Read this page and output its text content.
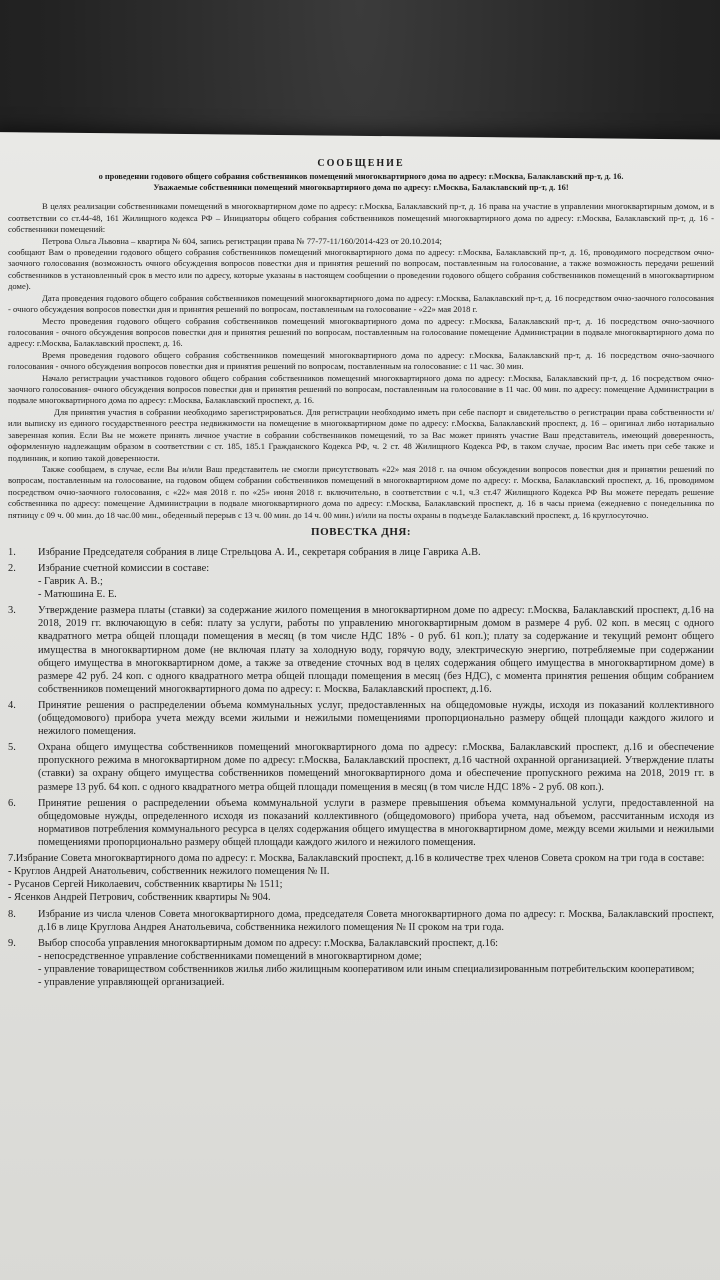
СООБЩЕНИЕ
о проведении годового общего собрания собственников помещений многоквартирного дома по адресу: г.Москва, Балаклавский пр-т, д. 16.
Уважаемые собственники помещений многоквартирного дома по адресу: г.Москва, Балаклавский пр-т, д. 16!

В целях реализации собственниками помещений в многоквартирном доме по адресу: г.Москва, Балаклавский пр-т, д. 16 права на участие в управлении многоквартирным домом, и в соответствии со ст.44-48, 161 Жилищного кодекса РФ – Инициаторы общего собрания собственников помещений многоквартирного дома по адресу: г.Москва, Балаклавский пр-т, д. 16 - собственники помещений:

Петрова Ольга Львовна – квартира № 604, запись регистрации права № 77-77-11/160/2014-423 от 20.10.2014;

сообщают Вам о проведении годового общего собрания собственников помещений многоквартирного дома по адресу: г.Москва, Балаклавский пр-т, д. 16, проводимого посредством очно-заочного голосования (возможность очного обсуждения вопросов повестки дня и принятия решений по вопросам, поставленным на голосование, а также возможность передачи решений собственников в установленный срок в место или по адресу, которые указаны в настоящем сообщении о проведении годового общего собрания собственников помещений в многоквартирном доме).

Дата проведения годового общего собрания собственников помещений многоквартирного дома по адресу: г.Москва, Балаклавский пр-т, д. 16 посредством очно-заочного голосования - очного обсуждения вопросов повестки дня и принятия решений по вопросам, поставленным на голосование - «22» мая 2018 г.

Место проведения годового общего собрания собственников помещений многоквартирного дома по адресу: г.Москва, Балаклавский пр-т, д. 16 посредством очно-заочного голосования - очного обсуждения вопросов повестки дня и принятия решений по вопросам, поставленным на голосование помещение Администрации в подвале многоквартирного дома по адресу: г.Москва, Балаклавский проспект, д. 16.

Время проведения годового общего собрания собственников помещений многоквартирного дома по адресу: г.Москва, Балаклавский пр-т, д. 16 посредством очно-заочного голосования - очного обсуждения вопросов повестки дня и принятия решений по вопросам, поставленным на голосование: с 11 час. 30 мин.

Начало регистрации участников годового общего собрания собственников помещений многоквартирного дома по адресу: г.Москва, Балаклавский пр-т, д. 16 посредством очно-заочного голосования- очного обсуждения вопросов повестки дня и принятия решений по вопросам, поставленным на голосование в 11 час. 00 мин. по адресу: помещение Администрации в подвале многоквартирного дома по адресу: г.Москва, Балаклавский проспект, д. 16.

Для принятия участия в собрании необходимо зарегистрироваться. Для регистрации необходимо иметь при себе паспорт и свидетельство о регистрации права собственности и/или выписку из единого государственного реестра недвижимости на помещение в многоквартирном доме по адресу: г.Москва, Балаклавский проспект, д. 16 – оригинал либо нотариально заверенная копия. Если Вы не можете принять личное участие в собрании собственников помещений, то за Вас может принять участие Ваш представитель, имеющий доверенность, оформленную надлежащим образом в соответствии с ст. 185, 185.1 Гражданского Кодекса РФ, ч. 2 ст. 48 Жилищного Кодекса РФ, в таком случае, просим Вас иметь при себе также и подлинник, и копию такой доверенности.

Также сообщаем, в случае, если Вы и/или Ваш представитель не смогли присутствовать «22» мая 2018 г. на очном обсуждении вопросов повестки дня и принятии решений по вопросам, поставленным на голосование, на годовом общем собрании собственников помещений в многоквартирном доме по адресу: г. Москва, Балаклавский проспект, д. 16, проводимом посредством очно-заочного голосования, с «22» мая 2018 г. по «25» июня 2018 г. включительно, в соответствии с ч.1, ч.3 ст.47 Жилищного Кодекса РФ Вы можете передать решение собственника по адресу: помещение Администрации в подвале многоквартирного дома по адресу: г.Москва, Балаклавский проспект, д. 16 в часы приема (ежедневно с понедельника по пятницу с 09 ч. 00 мин. до 18 час.00 мин., обеденный перерыв с 13 ч. 00 мин. до 14 ч. 00 мин.) и/или на посты охраны в подъезде Балаклавский проспект, д. 16 круглосуточно.

ПОВЕСТКА ДНЯ:
1.	Избрание Председателя собрания в лице Стрельцова А. И., секретаря собрания в лице Гаврика А.В.
2.	Избрание счетной комиссии в составе:
- Гаврик А. В.;
- Матюшина Е. Е.
3.	Утверждение размера платы (ставки) за содержание жилого помещения в многоквартирном доме по адресу: г.Москва, Балаклавский проспект, д.16 на 2018, 2019 гг. включающую в себя: плату за услуги, работы по управлению многоквартирным домом в размере 4 руб. 02 коп. в месяц с одного квадратного метра общей площади помещения в месяц (в том числе НДС 18% - 0 руб. 61 коп.); плату за содержание и текущий ремонт общего имущества в многоквартирном доме (не включая плату за холодную воду, горячую воду, электрическую энергию, потребляемые при содержании общего имущества в многоквартирном доме, а также за отведение сточных вод в целях содержания общего имущества в многоквартирном доме) в размере 42 руб. 24 коп. с одного квадратного метра общей площади помещения в месяц (без НДС), с момента принятия решения общим собранием собственников помещений многоквартирного дома по адресу: г. Москва, Балаклавский проспект, д.16.
4.	Принятие решения о распределении объема коммунальных услуг, предоставленных на общедомовые нужды, исходя из показаний коллективного (общедомового) прибора учета между всеми жилыми и нежилыми помещениями пропорционально размеру общей площади каждого жилого и нежилого помещения.
5.	Охрана общего имущества собственников помещений многоквартирного дома по адресу: г.Москва, Балаклавский проспект, д.16 и обеспечение пропускного режима в многоквартирном доме по адресу: г.Москва, Балаклавский проспект, д.16 частной охранной организацией. Утверждение платы (ставки) за охрану общего имущества собственников помещений многоквартирного дома и обеспечение пропускного режима на 2018, 2019 гг. в размере 13 руб. 64 коп. с одного квадратного метра общей площади помещения в месяц (в том числе НДС 18% - 2 руб. 08 коп.).
6.	Принятие решения о распределении объема коммунальной услуги в размере превышения объема коммунальной услуги, предоставленной на общедомовые нужды, определенного исходя из показаний коллективного (общедомового) прибора учета, над объемом, рассчитанным исходя из нормативов потребления коммунального ресурса в целях содержания общего имущества в многоквартирном доме, между всеми жилыми и нежилыми помещениями пропорционально размеру общей площади каждого жилого и нежилого помещения.
7.Избрание Совета многоквартирного дома по адресу: г. Москва, Балаклавский проспект, д.16 в количестве трех членов Совета сроком на три года в составе:
- Круглов Андрей Анатольевич, собственник нежилого помещения № II.
- Русанов Сергей Николаевич, собственник квартиры № 1511;
- Ясенков Андрей Петрович, собственник квартиры № 904.
8.	Избрание из числа членов Совета многоквартирного дома, председателя Совета многоквартирного дома по адресу: г. Москва, Балаклавский проспект, д.16 в лице Круглова Андрея Анатольевича, собственника нежилого помещения № II сроком на три года.
9.	Выбор способа управления многоквартирным домом по адресу: г.Москва, Балаклавский проспект, д.16:
- непосредственное управление собственниками помещений в многоквартирном доме;
- управление товариществом собственников жилья либо жилищным кооперативом или иным специализированным потребительским кооперативом;
- управление управляющей организацией.
